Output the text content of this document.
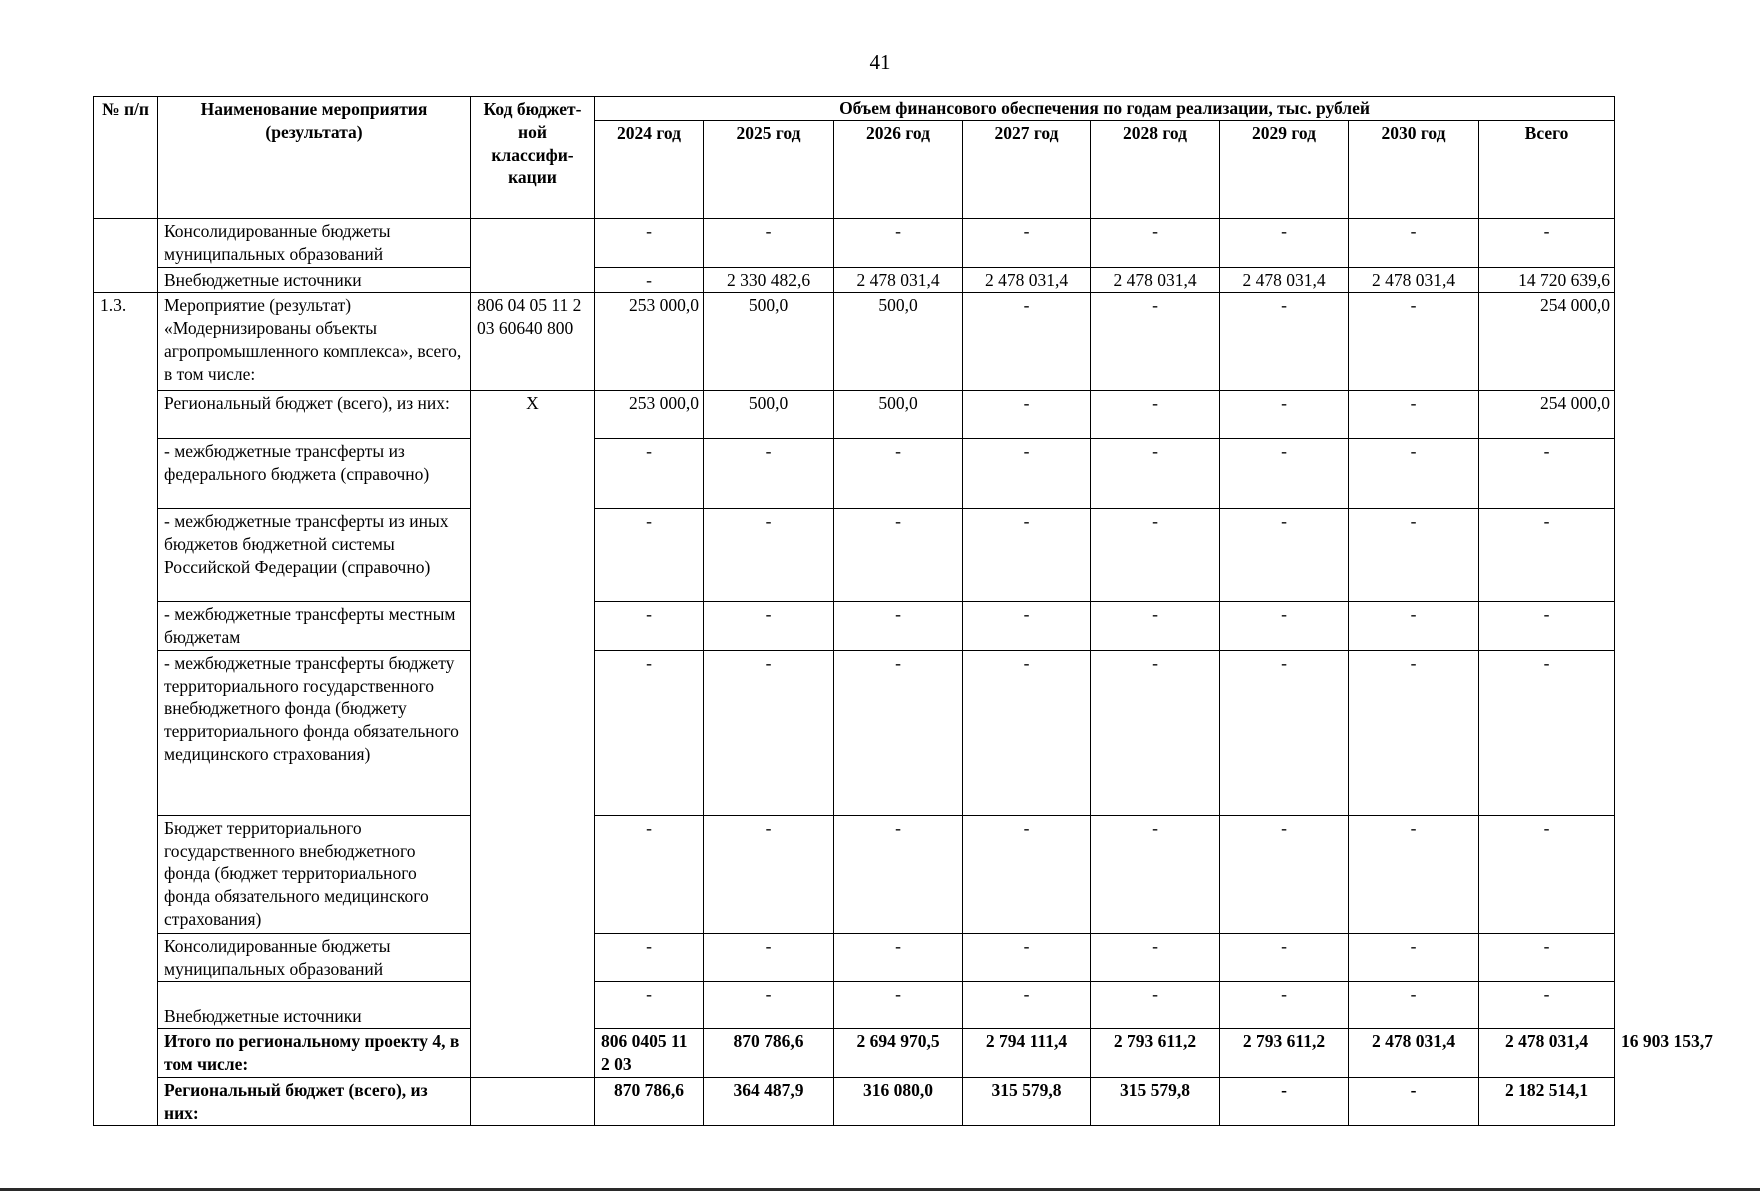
41
№ п/п	Наименование мероприятия (результата)	Код бюджет- ной классифи- кации	Объем финансового обеспечения по годам реализации, тыс. рублей								
			2024 год	2025 год	2026 год	2027 год	2028 год	2029 год	2030 год	Всего	
	Консолидированные бюджеты муниципальных образований		-	-	-	-	-	-	-	-	
	Внебюджетные источники		-	2 330 482,6	2 478 031,4	2 478 031,4	2 478 031,4	2 478 031,4	2 478 031,4	14 720 639,6	
1.3.	Мероприятие (результат) «Модернизированы объекты агропромышленного комплекса», всего, в том числе:	806 04 05 11 2 03 60640 800	253 000,0	500,0	500,0	-	-	-	-	254 000,0	
	Региональный бюджет (всего), из них:	X	253 000,0	500,0	500,0	-	-	-	-	254 000,0	
	- межбюджетные трансферты из федерального бюджета (справочно)		-	-	-	-	-	-	-	-	
	- межбюджетные трансферты из иных бюджетов бюджетной системы Российской Федерации (справочно)		-	-	-	-	-	-	-	-	
	- межбюджетные трансферты местным бюджетам		-	-	-	-	-	-	-	-	
	- межбюджетные трансферты бюджету территориального государственного внебюджетного фонда (бюджету территориального фонда обязательного медицинского страхования)		-	-	-	-	-	-	-	-	
	Бюджет территориального государственного внебюджетного фонда (бюджет территориального фонда обязательного медицинского страхования)		-	-	-	-	-	-	-	-	
	Консолидированные бюджеты муниципальных образований		-	-	-	-	-	-	-	-	
	Внебюджетные источники		-	-	-	-	-	-	-	-	
	Итого по региональному проекту 4, в том числе:		806 0405 11 2 03	870 786,6	2 694 970,5	2 794 111,4	2 793 611,2	2 793 611,2	2 478 031,4	2 478 031,4	16 903 153,7
	Региональный бюджет (всего), из них:		870 786,6	364 487,9	316 080,0	315 579,8	315 579,8	-	-	2 182 514,1	
